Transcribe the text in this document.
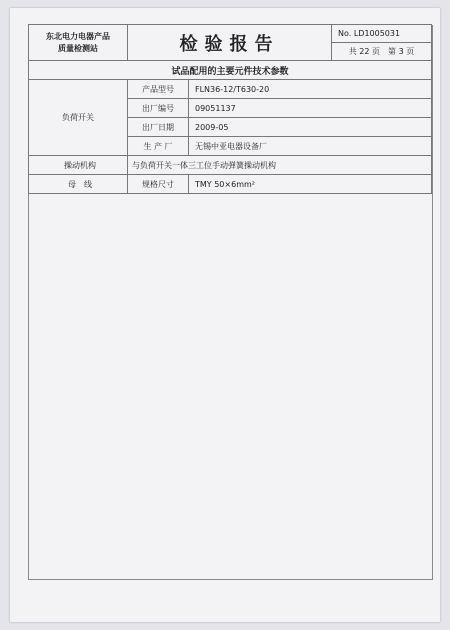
东北电力电器产品
质量检测站	检验报告		No. LD1005031
			共 22 页　第 3 页
试品配用的主要元件技术参数			
负荷开关	产品型号	FLN36-12/T630-20	
	出厂编号	09051137	
	出厂日期	2009-05	
	生 产 厂	无锡中亚电器设备厂	
操动机构	与负荷开关一体三工位手动弹簧操动机构		
母　线	规格尺寸	TMY 50×6mm²	
